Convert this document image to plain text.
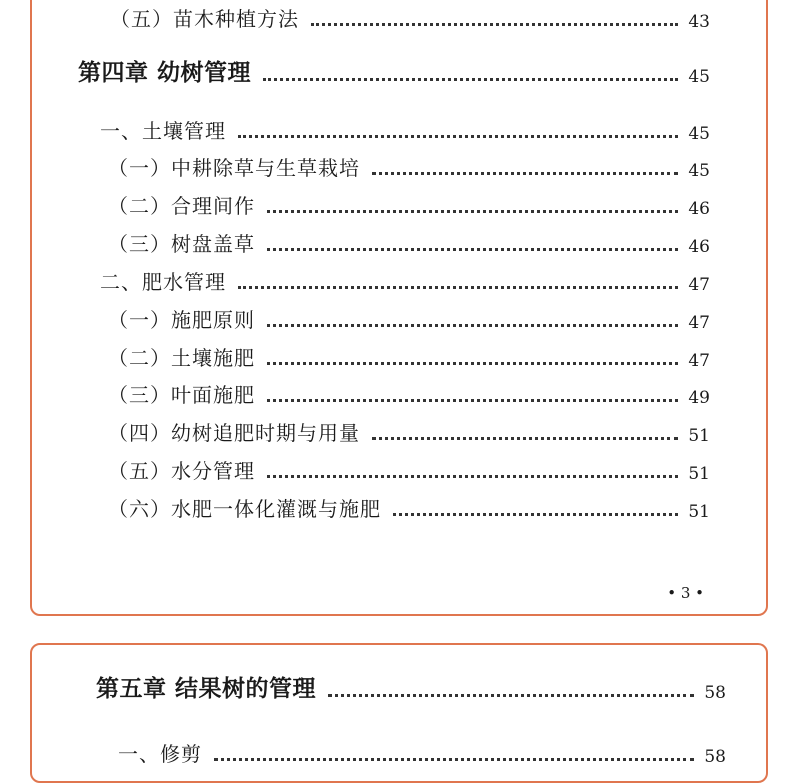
（五）苗木种植方法	43
第四章 幼树管理	45
一、土壤管理	45
（一）中耕除草与生草栽培	45
（二）合理间作	46
（三）树盘盖草	46
二、肥水管理	47
（一）施肥原则	47
（二）土壤施肥	47
（三）叶面施肥	49
（四）幼树追肥时期与用量	51
（五）水分管理	51
（六）水肥一体化灌溉与施肥	51
• 3 •
第五章 结果树的管理	58
一、修剪	58
